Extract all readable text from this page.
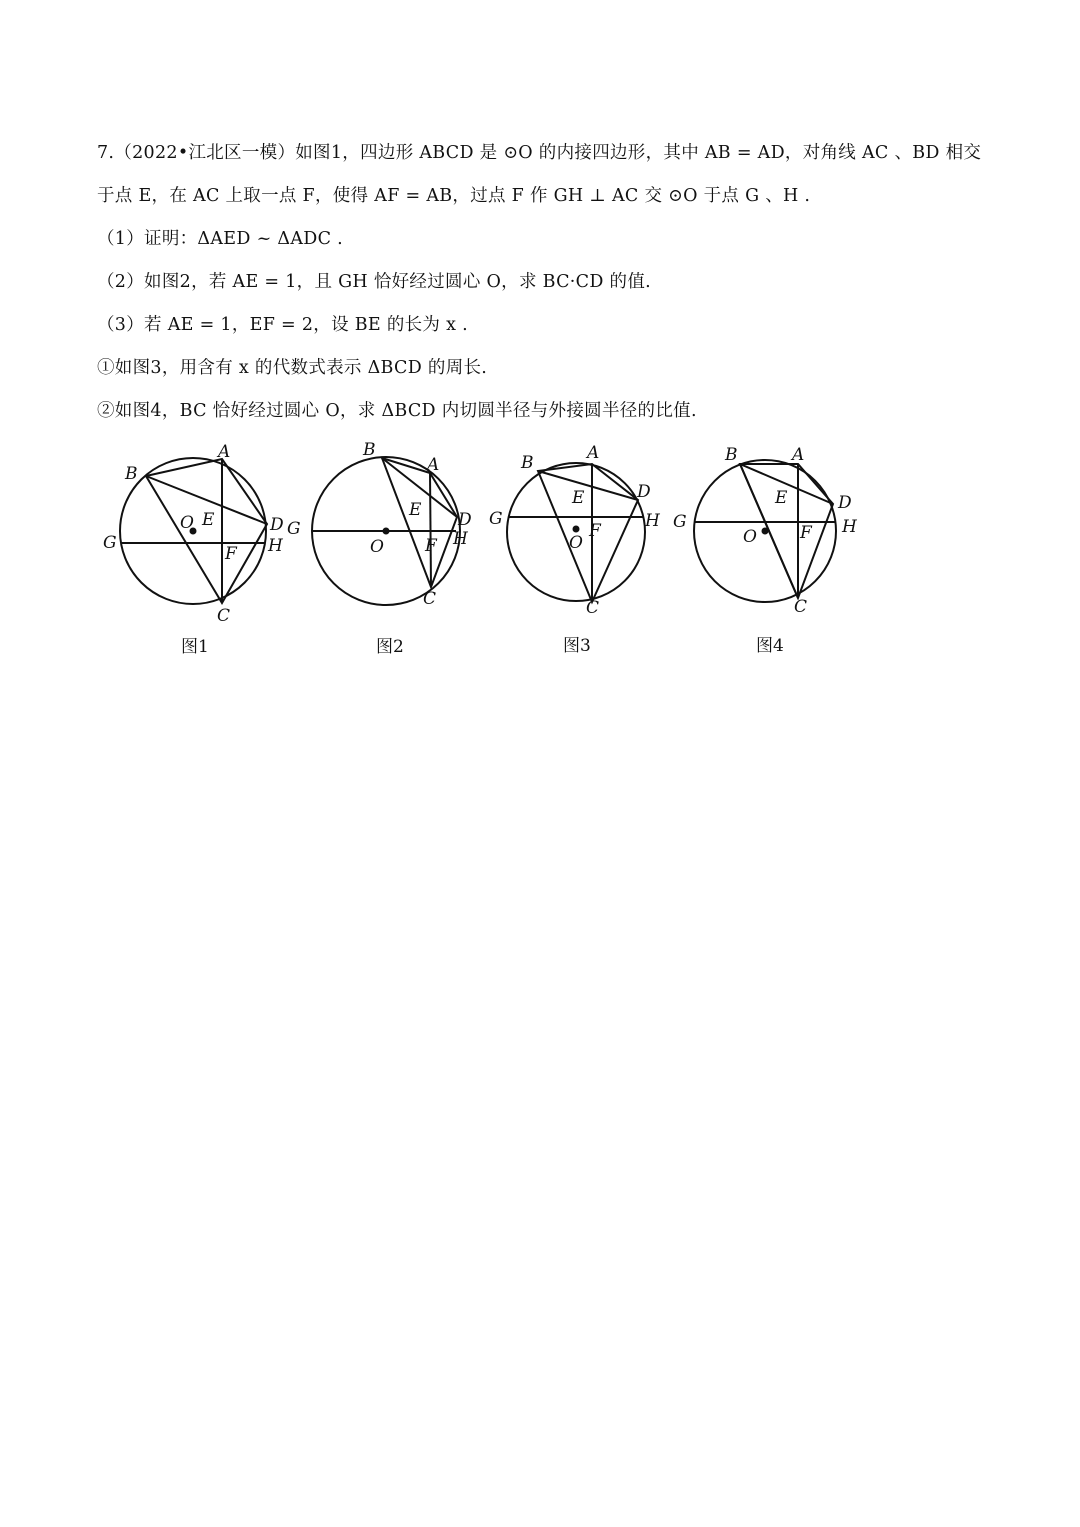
7.（2022•江北区一模）如图1，四边形 ABCD 是 ⊙O 的内接四边形，其中 AB = AD，对角线 AC 、BD 相交
于点 E，在 AC 上取一点 F，使得 AF = AB，过点 F 作 GH ⊥ AC 交 ⊙O 于点 G 、H .
（1）证明：ΔAED ~ ΔADC .
（2）如图2，若 AE = 1，且 GH 恰好经过圆心 O，求 BC·CD 的值.
（3）若 AE = 1，EF = 2，设 BE 的长为 x .
①如图3，用含有 x 的代数式表示 ΔBCD 的周长.
②如图4，BC 恰好经过圆心 O，求 ΔBCD 内切圆半径与外接圆半径的比值.
B
A
D
H
C
G
O E
F
图1
B
A
D
H
C
G
O
E
F
图2
B	A
D
H
C
G
O
E
F
图3
B	A
D
H
C
G
O
E
F
图4
